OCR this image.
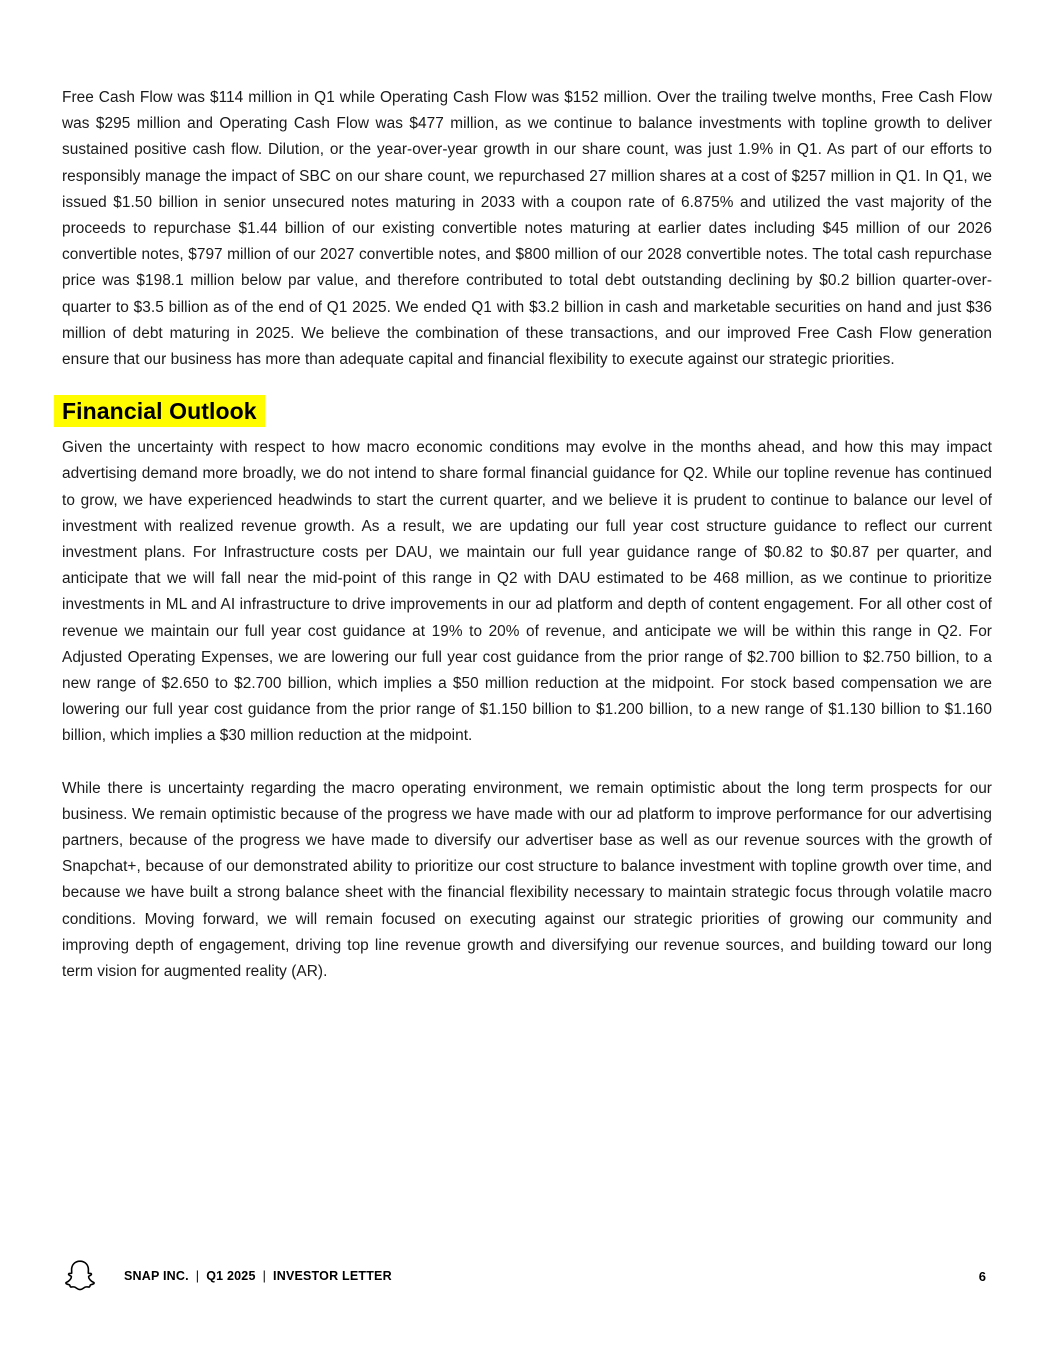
Free Cash Flow was $114 million in Q1 while Operating Cash Flow was $152 million. Over the trailing twelve months, Free Cash Flow was $295 million and Operating Cash Flow was $477 million, as we continue to balance investments with topline growth to deliver sustained positive cash flow. Dilution, or the year-over-year growth in our share count, was just 1.9% in Q1. As part of our efforts to responsibly manage the impact of SBC on our share count, we repurchased 27 million shares at a cost of $257 million in Q1. In Q1, we issued $1.50 billion in senior unsecured notes maturing in 2033 with a coupon rate of 6.875% and utilized the vast majority of the proceeds to repurchase $1.44 billion of our existing convertible notes maturing at earlier dates including $45 million of our 2026 convertible notes, $797 million of our 2027 convertible notes, and $800 million of our 2028 convertible notes. The total cash repurchase price was $198.1 million below par value, and therefore contributed to total debt outstanding declining by $0.2 billion quarter-over-quarter to $3.5 billion as of the end of Q1 2025. We ended Q1 with $3.2 billion in cash and marketable securities on hand and just $36 million of debt maturing in 2025. We believe the combination of these transactions, and our improved Free Cash Flow generation ensure that our business has more than adequate capital and financial flexibility to execute against our strategic priorities.

Financial Outlook

Given the uncertainty with respect to how macro economic conditions may evolve in the months ahead, and how this may impact advertising demand more broadly, we do not intend to share formal financial guidance for Q2. While our topline revenue has continued to grow, we have experienced headwinds to start the current quarter, and we believe it is prudent to continue to balance our level of investment with realized revenue growth. As a result, we are updating our full year cost structure guidance to reflect our current investment plans. For Infrastructure costs per DAU, we maintain our full year guidance range of $0.82 to $0.87 per quarter, and anticipate that we will fall near the mid-point of this range in Q2 with DAU estimated to be 468 million, as we continue to prioritize investments in ML and AI infrastructure to drive improvements in our ad platform and depth of content engagement. For all other cost of revenue we maintain our full year cost guidance at 19% to 20% of revenue, and anticipate we will be within this range in Q2. For Adjusted Operating Expenses, we are lowering our full year cost guidance from the prior range of $2.700 billion to $2.750 billion, to a new range of $2.650 to $2.700 billion, which implies a $50 million reduction at the midpoint. For stock based compensation we are lowering our full year cost guidance from the prior range of $1.150 billion to $1.200 billion, to a new range of $1.130 billion to $1.160 billion, which implies a $30 million reduction at the midpoint.

While there is uncertainty regarding the macro operating environment, we remain optimistic about the long term prospects for our business. We remain optimistic because of the progress we have made with our ad platform to improve performance for our advertising partners, because of the progress we have made to diversify our advertiser base as well as our revenue sources with the growth of Snapchat+, because of our demonstrated ability to prioritize our cost structure to balance investment with topline growth over time, and because we have built a strong balance sheet with the financial flexibility necessary to maintain strategic focus through volatile macro conditions. Moving forward, we will remain focused on executing against our strategic priorities of growing our community and improving depth of engagement, driving top line revenue growth and diversifying our revenue sources, and building toward our long term vision for augmented reality (AR).

SNAP INC. | Q1 2025 | INVESTOR LETTER	6
